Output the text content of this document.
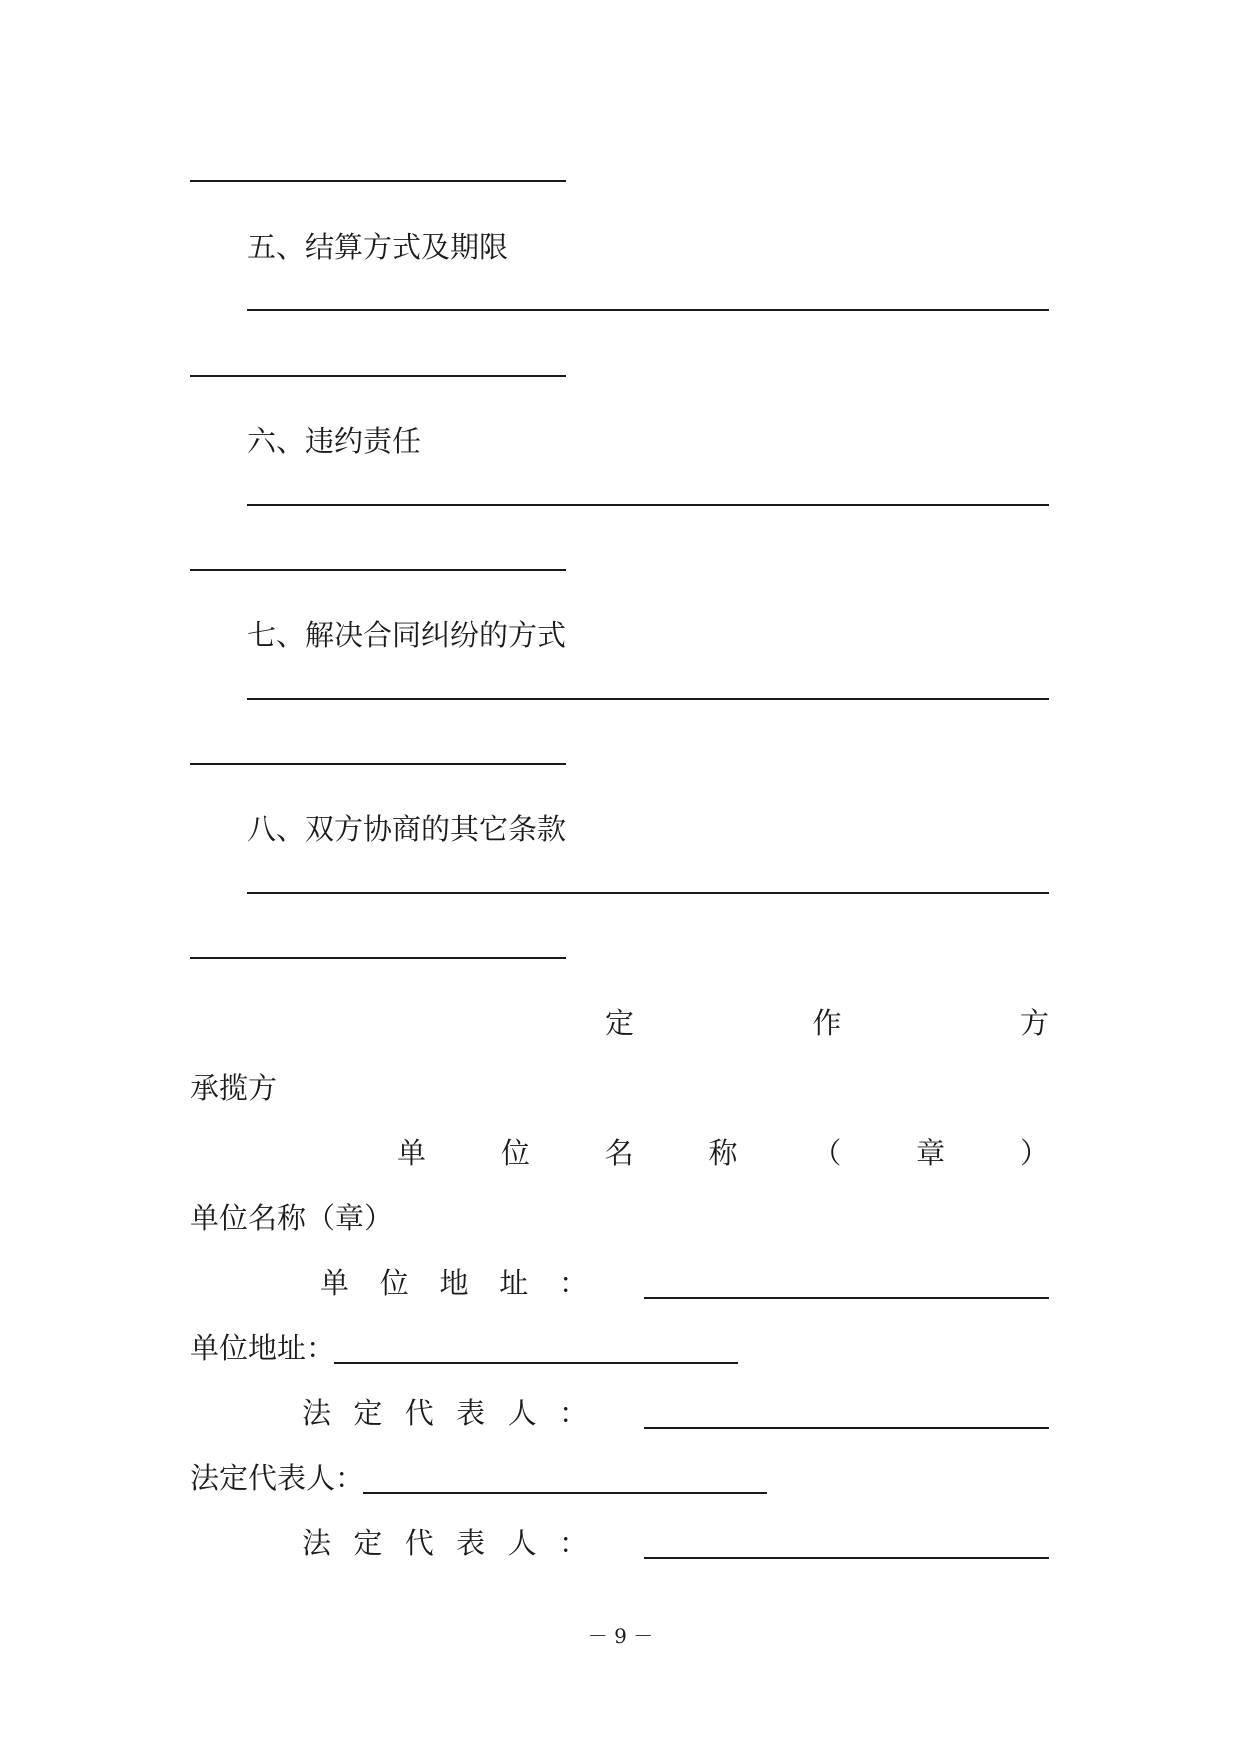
五、结算方式及期限
六、违约责任
七、解决合同纠纷的方式
八、双方协商的其它条款
定	作	方
承揽方
单	位	名	称	（	章	）
单位名称（章）
单 位 地 址 ：
单位地址：
法 定 代 表 人 ：
法定代表人：
法 定 代 表 人 ：
－ 9 －
